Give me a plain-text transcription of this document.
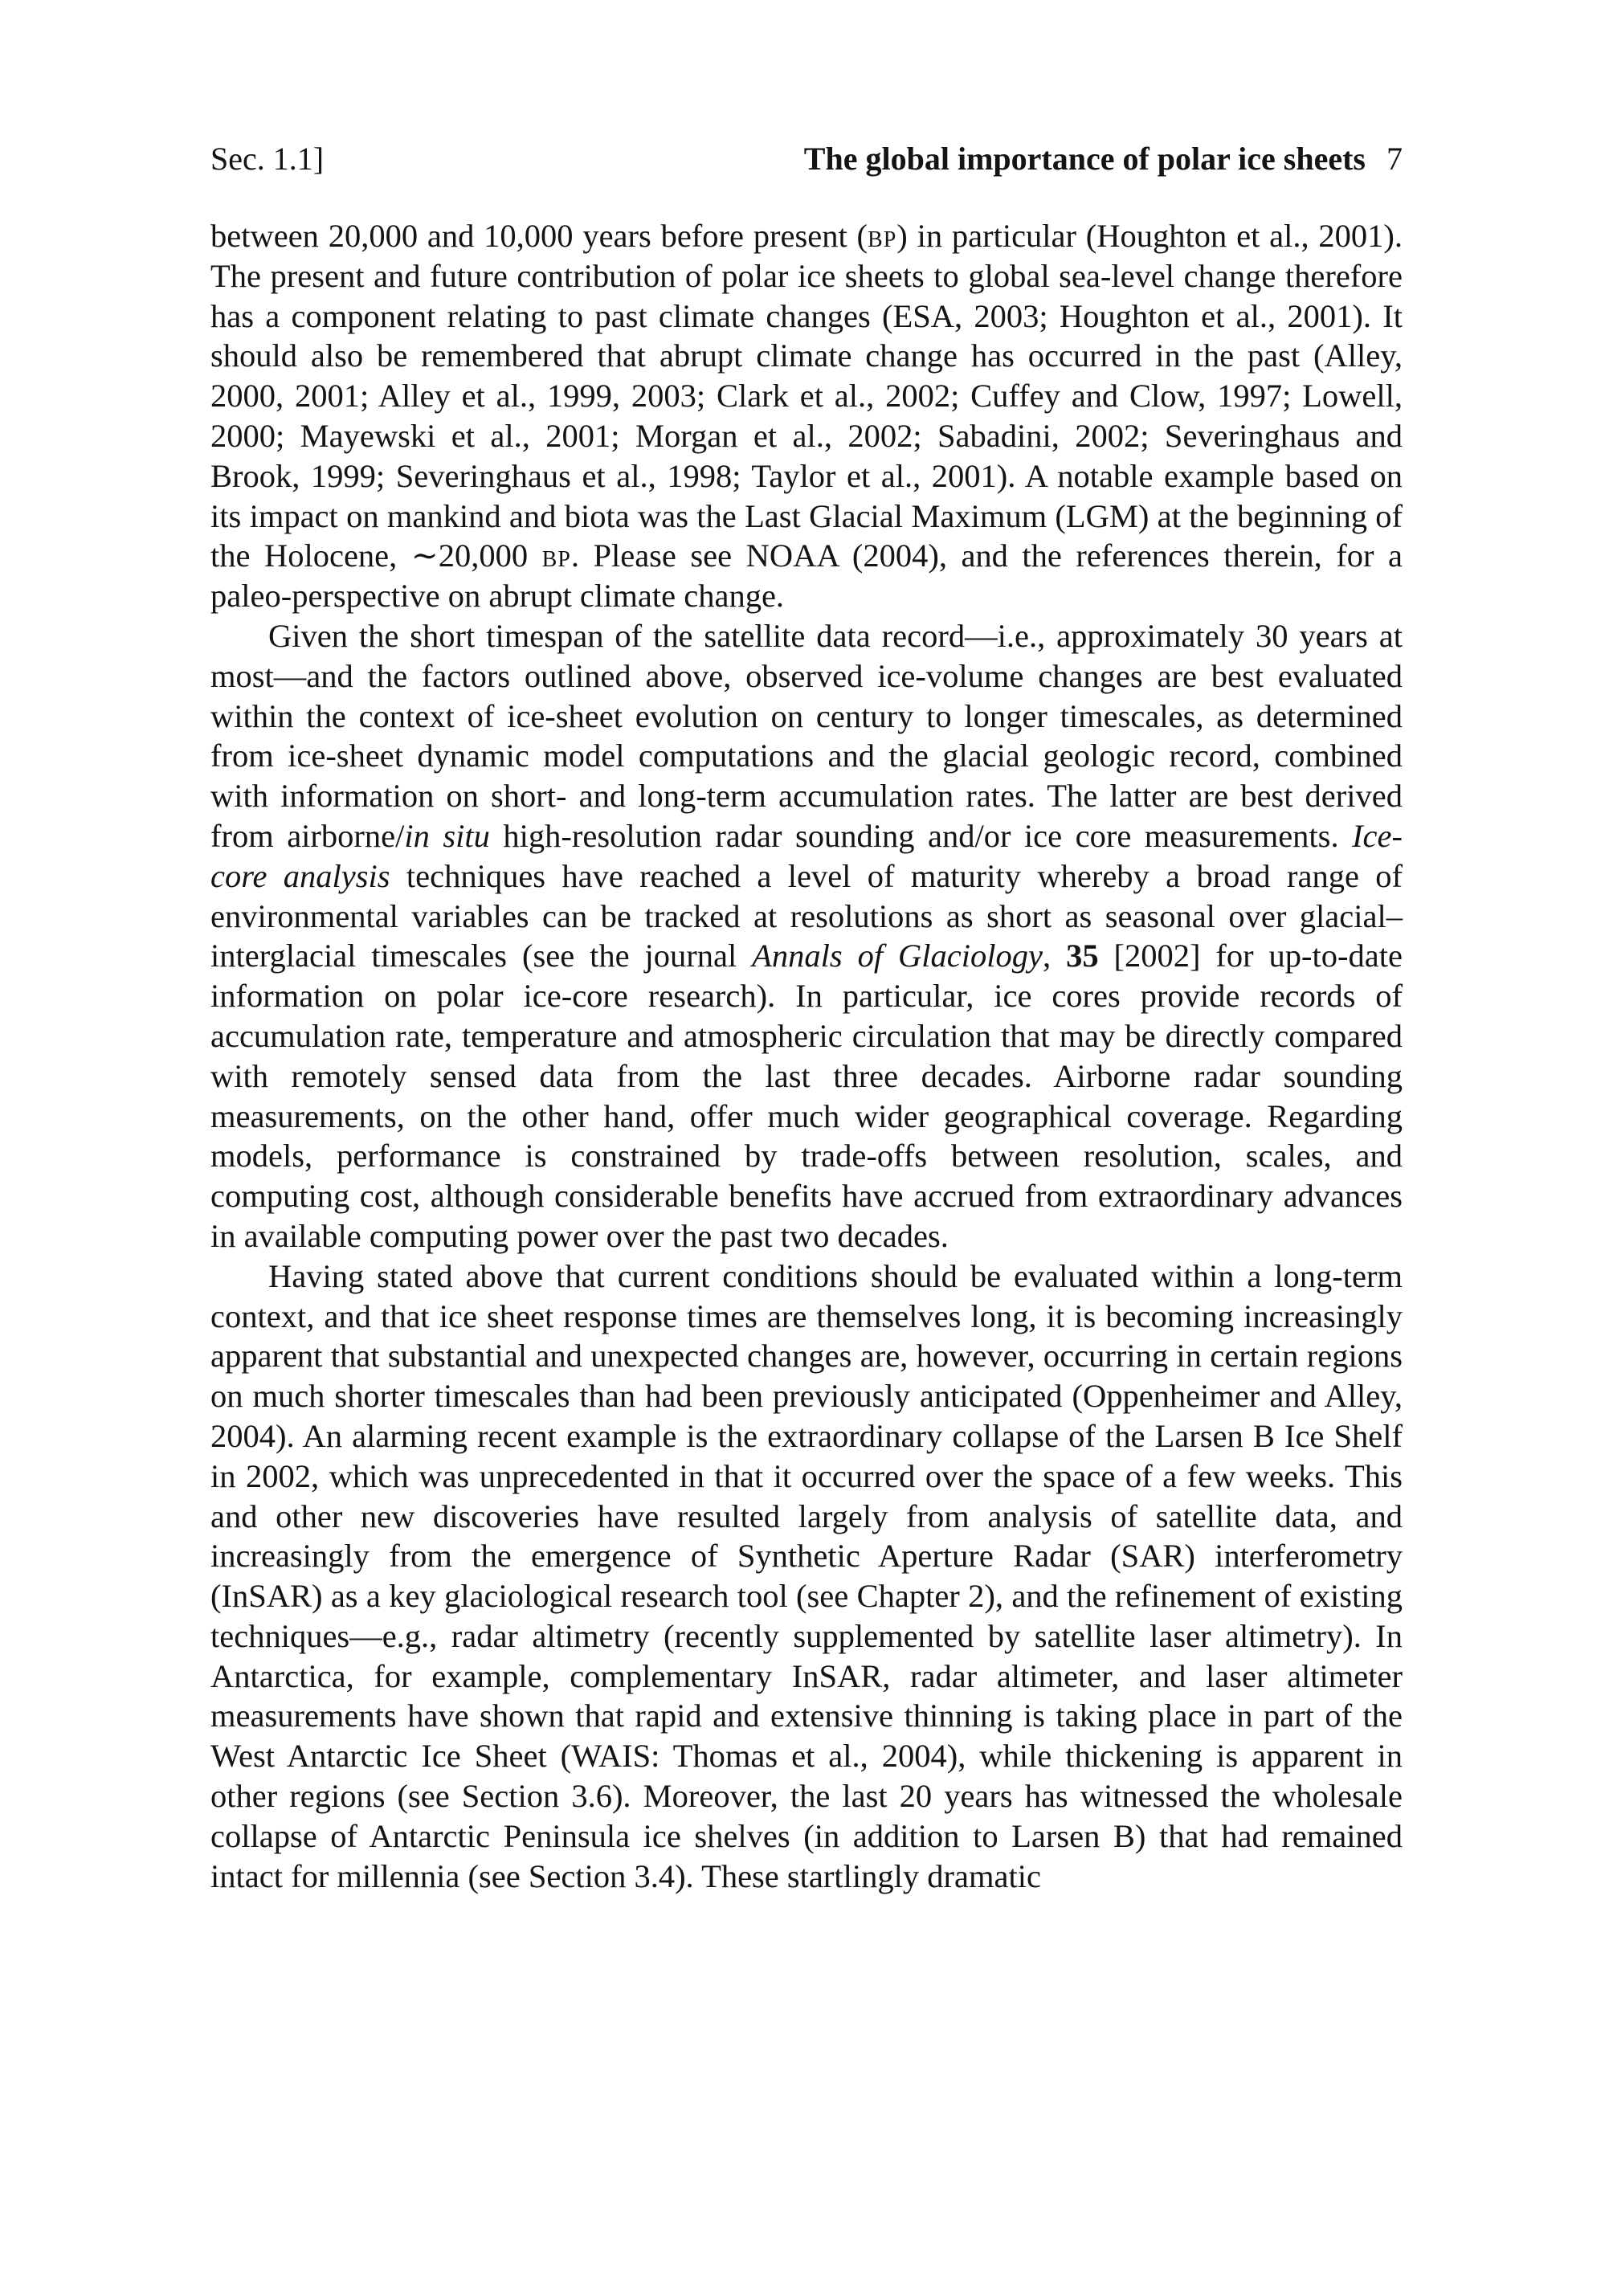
Sec. 1.1]	The global importance of polar ice sheets 7

between 20,000 and 10,000 years before present (bp) in particular (Houghton et al., 2001). The present and future contribution of polar ice sheets to global sea-level change therefore has a component relating to past climate changes (ESA, 2003; Houghton et al., 2001). It should also be remembered that abrupt climate change has occurred in the past (Alley, 2000, 2001; Alley et al., 1999, 2003; Clark et al., 2002; Cuffey and Clow, 1997; Lowell, 2000; Mayewski et al., 2001; Morgan et al., 2002; Sabadini, 2002; Severinghaus and Brook, 1999; Severinghaus et al., 1998; Taylor et al., 2001). A notable example based on its impact on mankind and biota was the Last Glacial Maximum (LGM) at the beginning of the Holocene, ∼20,000 bp. Please see NOAA (2004), and the references therein, for a paleo-perspective on abrupt climate change.

Given the short timespan of the satellite data record—i.e., approximately 30 years at most—and the factors outlined above, observed ice-volume changes are best evaluated within the context of ice-sheet evolution on century to longer timescales, as determined from ice-sheet dynamic model computations and the glacial geologic record, combined with information on short- and long-term accumulation rates. The latter are best derived from airborne/in situ high-resolution radar sounding and/or ice core measurements. Ice-core analysis techniques have reached a level of maturity whereby a broad range of environmental variables can be tracked at resolutions as short as seasonal over glacial–interglacial timescales (see the journal Annals of Glaciology, 35 [2002] for up-to-date information on polar ice-core research). In particular, ice cores provide records of accumulation rate, temperature and atmospheric circulation that may be directly compared with remotely sensed data from the last three decades. Airborne radar sounding measurements, on the other hand, offer much wider geographical coverage. Regarding models, performance is constrained by trade-offs between resolution, scales, and computing cost, although considerable benefits have accrued from extraordinary advances in available computing power over the past two decades.

Having stated above that current conditions should be evaluated within a long-term context, and that ice sheet response times are themselves long, it is becoming increasingly apparent that substantial and unexpected changes are, however, occurring in certain regions on much shorter timescales than had been previously anticipated (Oppenheimer and Alley, 2004). An alarming recent example is the extraordinary collapse of the Larsen B Ice Shelf in 2002, which was unprecedented in that it occurred over the space of a few weeks. This and other new discoveries have resulted largely from analysis of satellite data, and increasingly from the emergence of Synthetic Aperture Radar (SAR) interferometry (InSAR) as a key glaciological research tool (see Chapter 2), and the refinement of existing techniques—e.g., radar altimetry (recently supplemented by satellite laser altimetry). In Antarctica, for example, complementary InSAR, radar altimeter, and laser altimeter measurements have shown that rapid and extensive thinning is taking place in part of the West Antarctic Ice Sheet (WAIS: Thomas et al., 2004), while thickening is apparent in other regions (see Section 3.6). Moreover, the last 20 years has witnessed the wholesale collapse of Antarctic Peninsula ice shelves (in addition to Larsen B) that had remained intact for millennia (see Section 3.4). These startlingly dramatic
